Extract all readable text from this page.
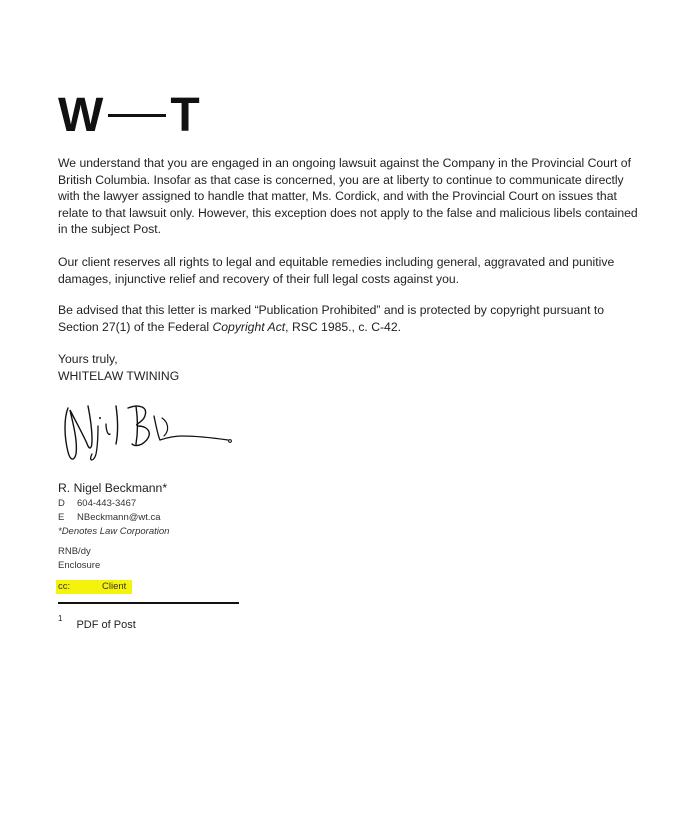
W T
We understand that you are engaged in an ongoing lawsuit against the Company in the Provincial Court of British Columbia. Insofar as that case is concerned, you are at liberty to continue to communicate directly with the lawyer assigned to handle that matter, Ms. Cordick, and with the Provincial Court on issues that relate to that lawsuit only. However, this exception does not apply to the false and malicious libels contained in the subject Post.
Our client reserves all rights to legal and equitable remedies including general, aggravated and punitive damages, injunctive relief and recovery of their full legal costs against you.
Be advised that this letter is marked “Publication Prohibited” and is protected by copyright pursuant to Section 27(1) of the Federal Copyright Act, RSC 1985., c. C-42.
Yours truly,
WHITELAW TWINING
R. Nigel Beckmann*
D 604-443-3467
E NBeckmann@wt.ca
*Denotes Law Corporation
RNB/dy
Enclosure
cc:	Client
$^1$PDF of Post
